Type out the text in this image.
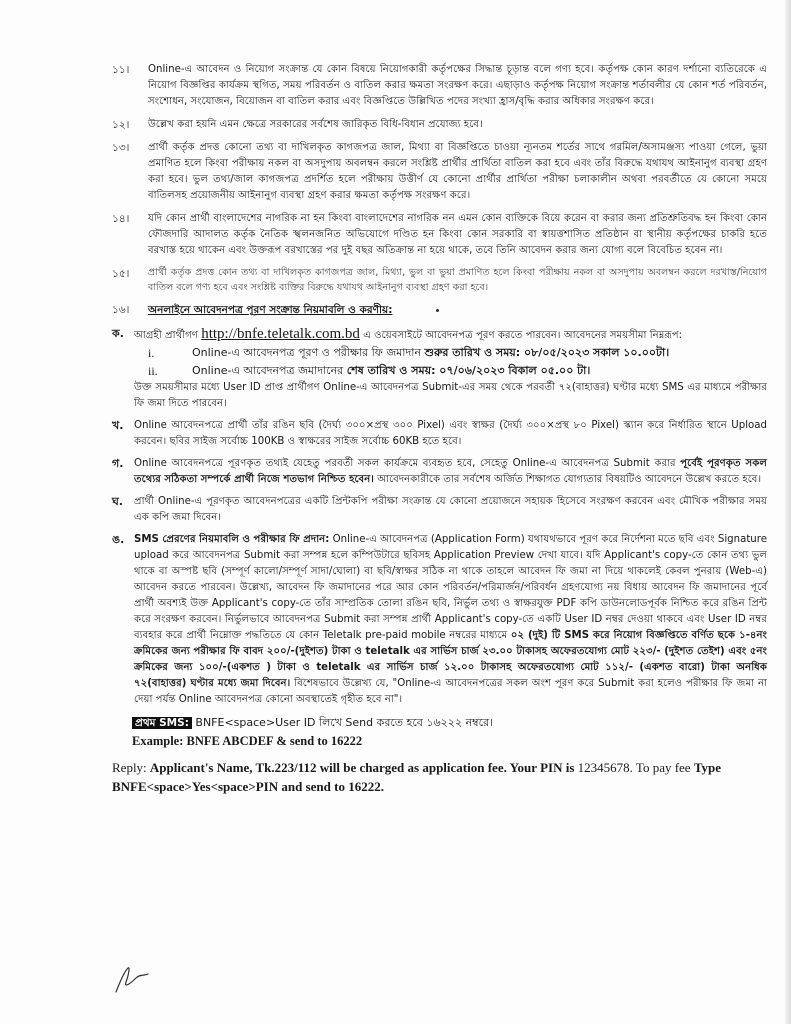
১১।	Online-এ আবেদন ও নিয়োগ সংক্রান্ত যে কোন বিষয়ে নিয়োগকারী কর্তৃপক্ষের সিদ্ধান্ত চূড়ান্ত বলে গণ্য হবে। কর্তৃপক্ষ কোন কারণ দর্শানো ব্যতিরেকে এ নিয়োগ বিজ্ঞপ্তির কার্যক্রম স্থগিত, সময় পরিবর্তন ও বাতিল করার ক্ষমতা সংরক্ষণ করে। এছাড়াও কর্তৃপক্ষ নিয়োগ সংক্রান্ত শর্তাবলীর যে কোন শর্ত পরিবর্তন, সংশোধন, সংযোজন, বিয়োজন বা বাতিল করার এবং বিজ্ঞপ্তিতে উল্লিখিত পদের সংখ্যা হ্রাস/বৃদ্ধি করার অধিকার সংরক্ষণ করে।
১২।	উল্লেখ করা হয়নি এমন ক্ষেত্রে সরকারের সর্বশেষ জারিকৃত বিধি-বিধান প্রযোজ্য হবে।
১৩।	প্রার্থী কর্তৃক প্রদত্ত কোনো তথ্য বা দাখিলকৃত কাগজপত্র জাল, মিথ্যা বা বিজ্ঞপ্তিতে চাওয়া ন্যূনতম শর্তের সাথে গরমিল/অসামঞ্জস্য পাওয়া গেলে, ভুয়া প্রমাণিত হলে কিংবা পরীক্ষায় নকল বা অসদুপায় অবলম্বন করলে সংশ্লিষ্ট প্রার্থীর প্রার্থিতা বাতিল করা হবে এবং তাঁর বিরুদ্ধে যথাযথ আইনানুগ ব্যবস্থা গ্রহণ করা হবে। ভুল তথ্য/জাল কাগজপত্র প্রদর্শিত হলে পরীক্ষায় উত্তীর্ণ যে কোনো প্রার্থীর প্রার্থিতা পরীক্ষা চলাকালীন অথবা পরবর্তীতে যে কোনো সময়ে বাতিলসহ প্রয়োজনীয় আইনানুগ ব্যবস্থা গ্রহণ করার ক্ষমতা কর্তৃপক্ষ সংরক্ষণ করে।
১৪।	যদি কোন প্রার্থী বাংলাদেশের নাগরিক না হন কিংবা বাংলাদেশের নাগরিক নন এমন কোন ব্যক্তিকে বিয়ে করেন বা করার জন্য প্রতিশ্রুতিবদ্ধ হন কিংবা কোন ফৌজদারি আদালত কর্তৃক নৈতিক স্খলনজনিত অভিযোগে দণ্ডিত হন কিংবা কোন সরকারি বা স্বায়ত্তশাসিত প্রতিষ্ঠান বা স্থানীয় কর্তৃপক্ষের চাকরি হতে বরখাস্ত হয়ে থাকেন এবং উক্তরূপ বরখাস্তের পর দুই বছর অতিক্রান্ত না হয়ে থাকে, তবে তিনি আবেদন করার জন্য যোগ্য বলে বিবেচিত হবেন না।
১৫।	প্রার্থী কর্তৃক প্রদত্ত কোন তথ্য বা দাখিলকৃত কাগজপত্র জাল, মিথ্যা, ভুল বা ভুয়া প্রমাণিত হলে কিংবা পরীক্ষায় নকল বা অসদুপায় অবলম্বন করলে দরখাস্ত/নিয়োগ বাতিল বলে গণ্য হবে এবং সংশ্লিষ্ট ব্যক্তির বিরুদ্ধে যথাযথ আইনানুগ ব্যবস্থা গ্রহণ করা হবে।
১৬।	অনলাইনে আবেদনপত্র পূরণ সংক্রান্ত নিয়মাবলি ও করণীয়:
ক. আগ্রহী প্রার্থীগণ http://bnfe.teletalk.com.bd এ ওয়েবসাইটে আবেদনপত্র পূরণ করতে পারবেন। আবেদনের সময়সীমা নিম্নরূপ:
i.	Online-এ আবেদনপত্র পূরণ ও পরীক্ষার ফি জমাদান শুরুর তারিখ ও সময়: ০৮/০৫/২০২৩ সকাল ১০.০০টা।
ii.	Online-এ আবেদনপত্র জমাদানের শেষ তারিখ ও সময়: ০৭/০৬/২০২৩ বিকাল ০৫.০০ টা।
উক্ত সময়সীমার মধ্যে User ID প্রাপ্ত প্রার্থীগণ Online-এ আবেদনপত্র Submit-এর সময় থেকে পরবর্তী ৭২(বাহাত্তর) ঘণ্টার মধ্যে SMS এর মাধ্যমে পরীক্ষার ফি জমা দিতে পারবেন।
খ.	Online আবেদনপত্রে প্রার্থী তাঁর রঙিন ছবি (দৈর্ঘ্য ৩০০×প্রস্থ ৩০০ Pixel) এবং স্বাক্ষর (দৈর্ঘ্য ৩০০×প্রস্থ ৮০ Pixel) স্ক্যান করে নির্ধারিত স্থানে Upload করবেন। ছবির সাইজ সর্বোচ্চ 100KB ও স্বাক্ষরের সাইজ সর্বোচ্চ 60KB হতে হবে।
গ.	Online আবেদনপত্রে পূরণকৃত তথ্যই যেহেতু পরবর্তী সকল কার্যক্রমে ব্যবহৃত হবে, সেহেতু Online-এ আবেদনপত্র Submit করার পূর্বেই পূরণকৃত সকল তথ্যের সঠিকতা সম্পর্কে প্রার্থী নিজে শতভাগ নিশ্চিত হবেন। আবেদনকারীকে তার সর্বশেষ অর্জিত শিক্ষাগত যোগ্যতার বিষয়টিও আবেদনে উল্লেখ করতে হবে।
ঘ.	প্রার্থী Online-এ পূরণকৃত আবেদনপত্রের একটি প্রিন্টকপি পরীক্ষা সংক্রান্ত যে কোনো প্রয়োজনে সহায়ক হিসেবে সংরক্ষণ করবেন এবং মৌখিক পরীক্ষার সময় এক কপি জমা দিবেন।
ঙ. SMS প্রেরণের নিয়মাবলি ও পরীক্ষার ফি প্রদান: Online-এ আবেদনপত্র (Application Form) যথাযথভাবে পূরণ করে নির্দেশনা মতে ছবি এবং Signature upload করে আবেদনপত্র Submit করা সম্পন্ন হলে কম্পিউটারে ছবিসহ Application Preview দেখা যাবে। যদি Applicant's copy-তে কোন তথ্য ভুল থাকে বা অস্পষ্ট ছবি (সম্পূর্ণ কালো/সম্পূর্ণ সাদা/ঘোলা) বা ছবি/স্বাক্ষর সঠিক না থাকে তাহলে আবেদন ফি জমা না দিয়ে থাকলেই কেবল পুনরায় (Web-এ) আবেদন করতে পারবেন। উল্লেখ্য, আবেদন ফি জমাদানের পরে আর কোন পরিবর্তন/পরিমার্জন/পরিবর্ধন গ্রহণযোগ্য নয় বিধায় আবেদন ফি জমাদানের পূর্বে প্রার্থী অবশ্যই উক্ত Applicant's copy-তে তাঁর সাম্প্রতিক তোলা রঙিন ছবি, নির্ভুল তথ্য ও স্বাক্ষরযুক্ত PDF কপি ডাউনলোডপূর্বক নিশ্চিত করে রঙিন প্রিন্ট করে সংরক্ষণ করবেন। নির্ভুলভাবে আবেদনপত্র Submit করা সম্পন্ন প্রার্থী Applicant's copy-তে একটি User ID নম্বর দেওয়া থাকবে এবং User ID নম্বর ব্যবহার করে প্রার্থী নিম্নোক্ত পদ্ধতিতে যে কোন Teletalk pre-paid mobile নম্বরের মাধ্যমে ০২ (দুই) টি SMS করে নিয়োগ বিজ্ঞপ্তিতে বর্ণিত ছকে ১-৪নং ক্রমিকের জন্য পরীক্ষার ফি বাবদ ২০০/-(দুইশত) টাকা ও teletalk এর সার্ভিস চার্জ ২৩.০০ টাকাসহ অফেরতযোগ্য মোট ২২৩/- (দুইশত তেইশ) এবং ৫নং ক্রমিকের জন্য ১০০/-(একশত ) টাকা ও teletalk এর সার্ভিস চার্জ ১২.০০ টাকাসহ অফেরতযোগ্য মোট ১১২/- (একশত বারো) টাকা অনধিক ৭২(বাহাত্তর) ঘণ্টার মধ্যে জমা দিবেন। বিশেষভাবে উল্লেখ্য যে, "Online-এ আবেদনপত্রের সকল অংশ পূরণ করে Submit করা হলেও পরীক্ষার ফি জমা না দেয়া পর্যন্ত Online আবেদনপত্র কোনো অবস্থাতেই গৃহীত হবে না"।
প্রথম SMS: BNFE<space>User ID লিখে Send করতে হবে ১৬২২২ নম্বরে।
Example: BNFE ABCDEF & send to 16222
Reply: Applicant's Name, Tk.223/112 will be charged as application fee. Your PIN is 12345678. To pay fee Type BNFE<space>Yes<space>PIN and send to 16222.
